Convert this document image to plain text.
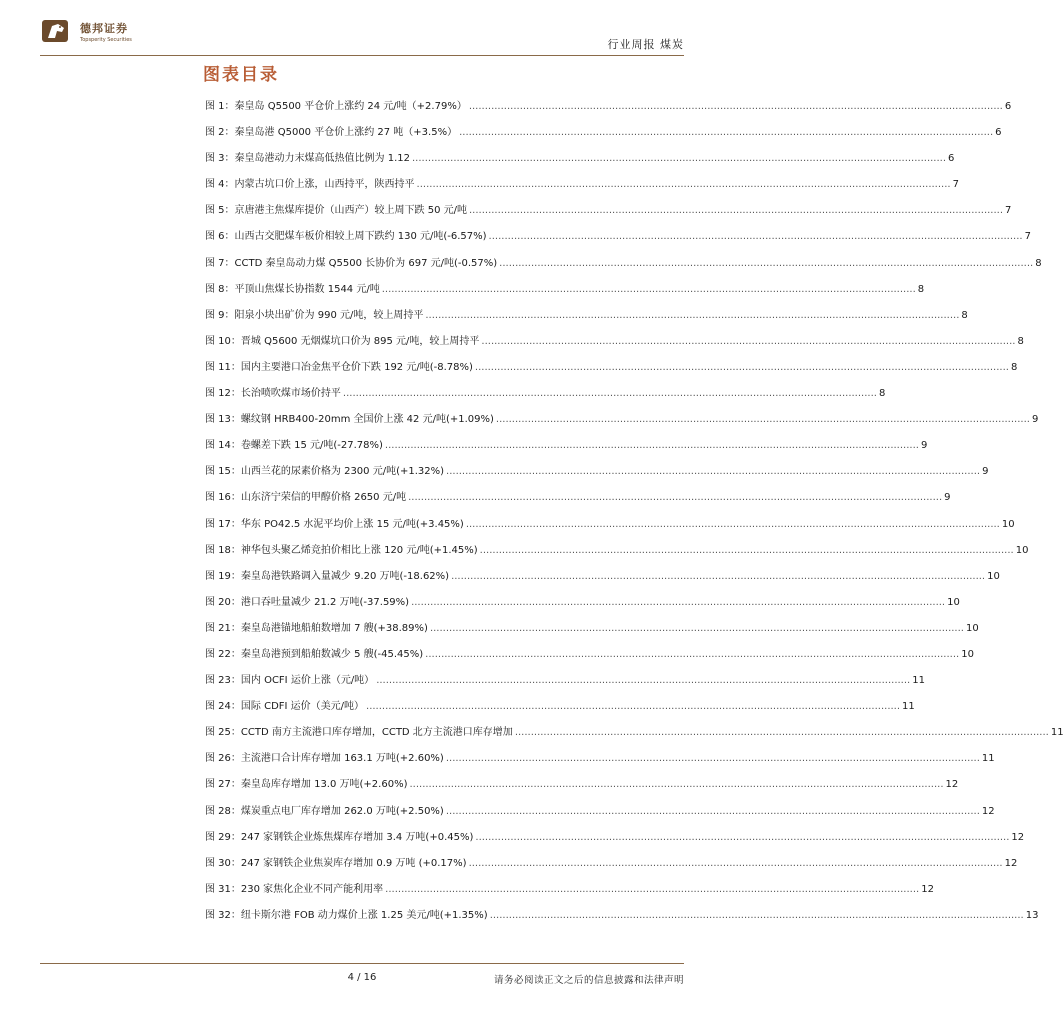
德邦证券
Topsperity Securities	行业周报 煤炭
图表目录
图 1：秦皇岛 Q5500 平仓价上涨约 24 元/吨（+2.79%） .....	6
图 2：秦皇岛港 Q5000 平仓价上涨约 27 吨（+3.5%） .....	6
图 3：秦皇岛港动力末煤高低热值比例为 1.12 .....	6
图 4：内蒙古坑口价上涨，山西持平，陕西持平 .....	7
图 5：京唐港主焦煤库提价（山西产）较上周下跌 50 元/吨 .....	7
图 6：山西古交肥煤车板价相较上周下跌约 130 元/吨(-6.57%) .....	7
图 7：CCTD 秦皇岛动力煤 Q5500 长协价为 697 元/吨(-0.57%) .....	8
图 8：平顶山焦煤长协指数 1544 元/吨 .....	8
图 9：阳泉小块出矿价为 990 元/吨，较上周持平 .....	8
图 10：晋城 Q5600 无烟煤坑口价为 895 元/吨，较上周持平 .....	8
图 11：国内主要港口冶金焦平仓价下跌 192 元/吨(-8.78%) .....	8
图 12：长治喷吹煤市场价持平 .....	8
图 13：螺纹钢 HRB400-20mm 全国价上涨 42 元/吨(+1.09%) .....	9
图 14：卷螺差下跌 15 元/吨(-27.78%) .....	9
图 15：山西兰花的尿素价格为 2300 元/吨(+1.32%) .....	9
图 16：山东济宁荣信的甲醇价格 2650 元/吨 .....	9
图 17：华东 PO42.5 水泥平均价上涨 15 元/吨(+3.45%) .....	10
图 18：神华包头聚乙烯竞拍价相比上涨 120 元/吨(+1.45%) .....	10
图 19：秦皇岛港铁路调入量减少 9.20 万吨(-18.62%) .....	10
图 20：港口吞吐量减少 21.2 万吨(-37.59%) .....	10
图 21：秦皇岛港锚地船舶数增加 7 艘(+38.89%) .....	10
图 22：秦皇岛港预到船舶数减少 5 艘(-45.45%) .....	10
图 23：国内 OCFI 运价上涨（元/吨） .....	11
图 24：国际 CDFI 运价（美元/吨） .....	11
图 25：CCTD 南方主流港口库存增加，CCTD 北方主流港口库存增加 .....	11
图 26：主流港口合计库存增加 163.1 万吨(+2.60%) .....	11
图 27：秦皇岛库存增加 13.0 万吨(+2.60%) .....	12
图 28：煤炭重点电厂库存增加 262.0 万吨(+2.50%) .....	12
图 29：247 家钢铁企业炼焦煤库存增加 3.4 万吨(+0.45%) .....	12
图 30：247 家钢铁企业焦炭库存增加 0.9 万吨 (+0.17%) .....	12
图 31：230 家焦化企业不同产能利用率 .....	12
图 32：纽卡斯尔港 FOB 动力煤价上涨 1.25 美元/吨(+1.35%) .....	13
4 / 16	请务必阅读正文之后的信息披露和法律声明
